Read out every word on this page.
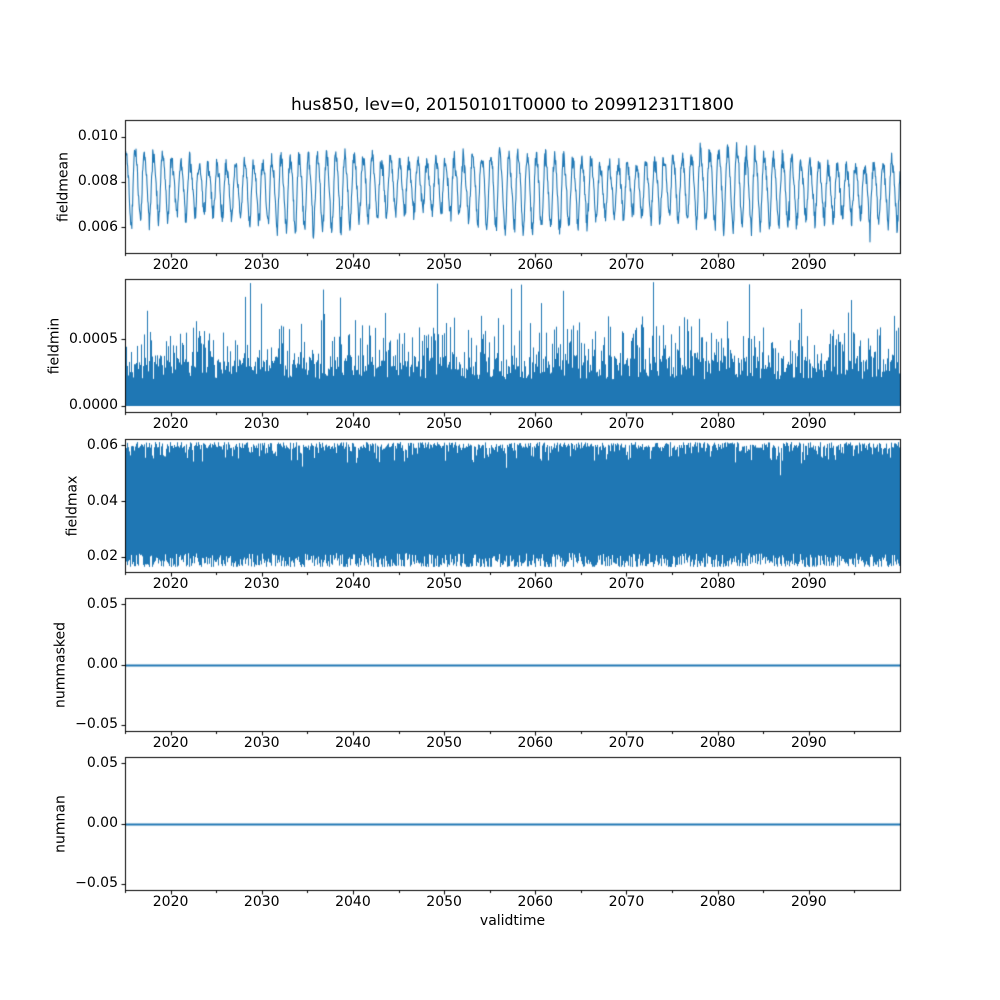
hus850, lev=0, 20150101T0000 to 20991231T1800
validtime
2020	2030	2040	2050	2060	2070	2080	2090
0.006
0.008
0.010
fieldmean
2020	2030	2040	2050	2060	2070	2080	2090
0.0000
0.0005
fieldmin
2020	2030	2040	2050	2060	2070	2080	2090
0.02
0.04
0.06
fieldmax
2020	2030	2040	2050	2060	2070	2080	2090
−0.05
0.00
0.05
nummasked
2020	2030	2040	2050	2060	2070	2080	2090
−0.05
0.00
0.05
numnan
